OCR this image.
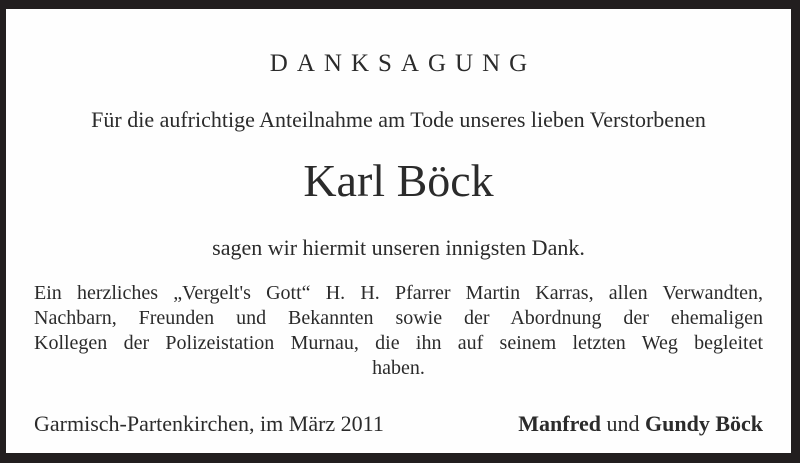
DANKSAGUNG
Für die aufrichtige Anteilnahme am Tode unseres lieben Verstorbenen
Karl Böck
sagen wir hiermit unseren innigsten Dank.
Ein herzliches „Vergelt's Gott“ H. H. Pfarrer Martin Karras, allen Verwandten,
Nachbarn, Freunden und Bekannten sowie der Abordnung der ehemaligen
Kollegen der Polizeistation Murnau, die ihn auf seinem letzten Weg begleitet
haben.
Garmisch-Partenkirchen, im März 2011	Manfred und Gundy Böck
